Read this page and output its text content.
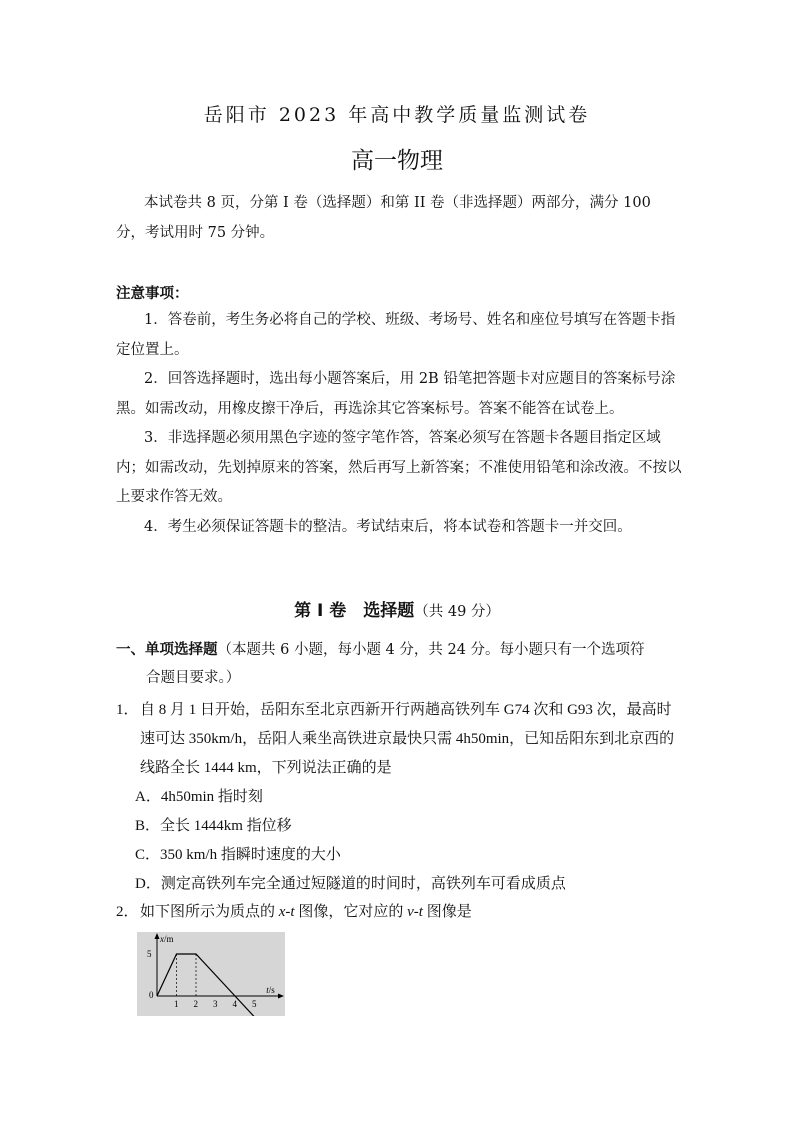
岳阳市 2023 年高中教学质量监测试卷
高一物理
本试卷共 8 页，分第 I 卷（选择题）和第 II 卷（非选择题）两部分，满分 100 分，考试用时 75 分钟。
注意事项：

1．答卷前，考生务必将自己的学校、班级、考场号、姓名和座位号填写在答题卡指定位置上。

2．回答选择题时，选出每小题答案后，用 2B 铅笔把答题卡对应题目的答案标号涂黑。如需改动，用橡皮擦干净后，再选涂其它答案标号。答案不能答在试卷上。

3．非选择题必须用黑色字迹的签字笔作答，答案必须写在答题卡各题目指定区域内；如需改动，先划掉原来的答案，然后再写上新答案；不准使用铅笔和涂改液。不按以上要求作答无效。

4．考生必须保证答题卡的整洁。考试结束后，将本试卷和答题卡一并交回。

第 I 卷　选择题（共 49 分）
一、单项选择题（本题共 6 小题，每小题 4 分，共 24 分。每小题只有一个选项符
合题目要求。）
1． 自 8 月 1 日开始，岳阳东至北京西新开行两趟高铁列车 G74 次和 G93 次，最高时速可达 350km/h，岳阳人乘坐高铁进京最快只需 4h50min，已知岳阳东到北京西的线路全长 1444 km，下列说法正确的是
A．4h50min 指时刻
B．全长 1444km 指位移
C．350 km/h 指瞬时速度的大小
D．测定高铁列车完全通过短隧道的时间时，高铁列车可看成质点
2． 如下图所示为质点的 x-t 图像，它对应的 v-t 图像是
x/m
t/s
0
1 2 3 4 5
5
